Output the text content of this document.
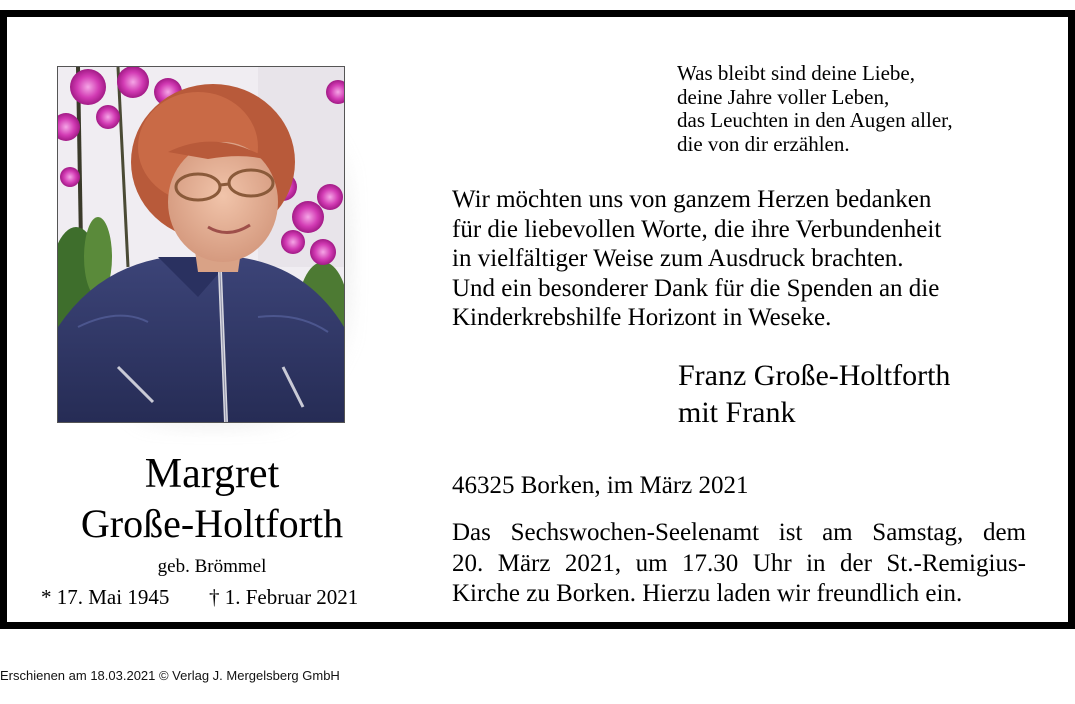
Margret
Große-Holtforth
geb. Brömmel
* 17. Mai 1945 † 1. Februar 2021
Was bleibt sind deine Liebe,
deine Jahre voller Leben,
das Leuchten in den Augen aller,
die von dir erzählen.
Wir möchten uns von ganzem Herzen bedanken
für die liebevollen Worte, die ihre Verbundenheit
in vielfältiger Weise zum Ausdruck brachten.
Und ein besonderer Dank für die Spenden an die
Kinderkrebshilfe Horizont in Weseke.
Franz Große-Holtforth
mit Frank
46325 Borken, im März 2021
Das Sechswochen-Seelenamt ist am Samstag, dem
20. März 2021, um 17.30 Uhr in der St.-Remigius-
Kirche zu Borken. Hierzu laden wir freundlich ein.
Erschienen am 18.03.2021 © Verlag J. Mergelsberg GmbH
